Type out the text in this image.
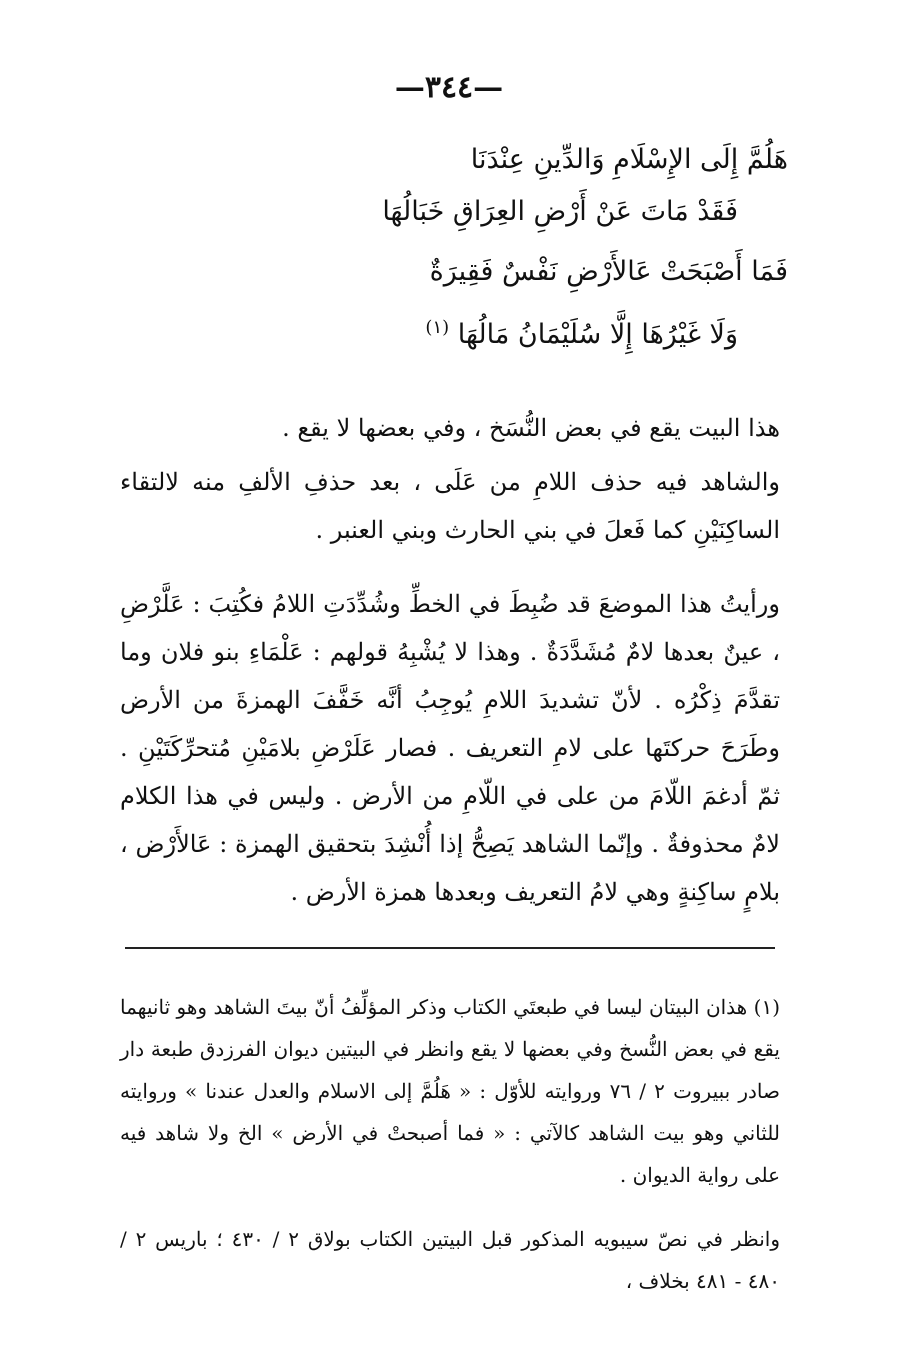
—٣٤٤—
هَلُمَّ إِلَى الإِسْلَامِ وَالدِّينِ عِنْدَنَا
فَقَدْ مَاتَ عَنْ أَرْضِ العِرَاقِ خَبَالُهَا
فَمَا أَصْبَحَتْ عَالأَرْضِ نَفْسٌ فَقِيرَةٌ
وَلَا غَيْرُهَا إِلَّا سُلَيْمَانُ مَالُهَا $^{(١)}$

هذا البيت يقع في بعض النُّسَخ ، وفي بعضها لا يقع .

والشاهد فيه حذف اللامِ من عَلَى ، بعد حذفِ الألفِ منه لالتقاء الساكِنَيْنِ كما فَعلَ في بني الحارث وبني العنبر .

ورأيتُ هذا الموضعَ قد ضُبِطَ في الخطِّ وشُدِّدَتِ اللامُ فكُتِبَ : عَلَّرْضِ ، عينٌ بعدها لامٌ مُشَدَّدَةٌ . وهذا لا يُشْبِهُ قولهم : عَلْمَاءِ بنو فلان وما تقدَّمَ ذِكْرُه . لأنّ تشديدَ اللامِ يُوجِبُ أنَّه خَفَّفَ الهمزةَ من الأرض وطَرَحَ حركتَها على لامِ التعريف . فصار عَلَرْضِ بلامَيْنِ مُتحرِّكَتَيْنِ . ثمّ أدغمَ اللّامَ من على في اللّامِ من الأرض . وليس في هذا الكلام لامٌ محذوفةٌ . وإنّما الشاهد يَصِحُّ إذا أُنْشِدَ بتحقيق الهمزة : عَالأَرْض ، بلامٍ ساكِنةٍ وهي لامُ التعريف وبعدها همزة الأرض .

(١) هذان البيتان ليسا في طبعتَي الكتاب وذكر المؤلِّفُ أنّ بيتَ الشاهد وهو ثانيهما يقع في بعض النُّسخ وفي بعضها لا يقع وانظر في البيتين ديوان الفرزدق طبعة دار صادر ببيروت ٢ / ٧٦ وروايته للأوّل : « هَلُمَّ إلى الاسلام والعدل عندنا » وروايته للثاني وهو بيت الشاهد كالآتي : « فما أصبحتْ في الأرض » الخ ولا شاهد فيه على رواية الديوان .

وانظر في نصّ سيبويه المذكور قبل البيتين الكتاب بولاق ٢ / ٤٣٠ ؛ باريس ٢ / ٤٨٠ - ٤٨١ بخلاف ،
